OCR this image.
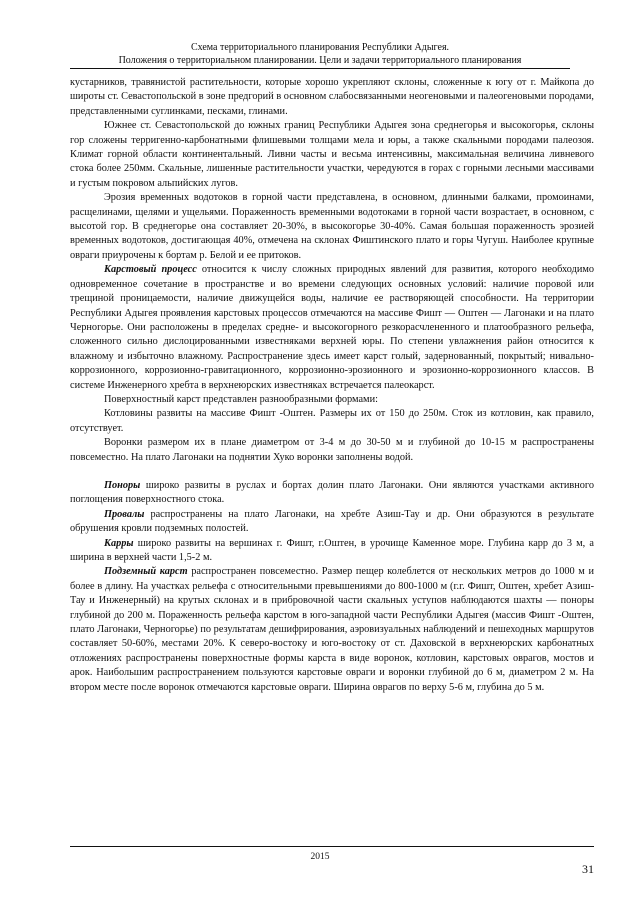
Схема территориального планирования Республики Адыгея.

Положения о территориальном планировании. Цели и задачи территориального планирования

кустарников, травянистой растительности, которые хорошо укрепляют склоны, сложенные к югу от г. Майкопа до широты ст. Севастопольской в зоне предгорий в основном слабосвязанными неогеновыми и палеогеновыми породами, представленными суглинками, песками, глинами.

Южнее ст. Севастопольской до южных границ Республики Адыгея зона среднегорья и высокогорья, склоны гор сложены терригенно-карбонатными флишевыми толщами мела и юры, а также скальными породами палеозоя. Климат горной области континентальный. Ливни часты и весьма интенсивны, максимальная величина ливневого стока более 250мм. Скальные, лишенные растительности участки, чередуются в горах с горными лесными массивами и густым покровом альпийских лугов.

Эрозия временных водотоков в горной части представлена, в основном, длинными балками, промоинами, расщелинами, щелями и ущельями. Пораженность временными водотоками в горной части возрастает, в основном, с высотой гор. В среднегорье она составляет 20-30%, в высокогорье 30-40%. Самая большая пораженность эрозией временных водотоков, достигающая 40%, отмечена на склонах Фиштинского плато и горы Чугуш. Наиболее крупные овраги приурочены к бортам р. Белой и ее притоков.

Карстовый процесс относится к числу сложных природных явлений для развития, которого необходимо одновременное сочетание в пространстве и во времени следующих основных условий: наличие поровой или трещиной проницаемости, наличие движущейся воды, наличие ее растворяющей способности. На территории Республики Адыгея проявления карстовых процессов отмечаются на массиве Фишт — Оштен — Лагонаки и на плато Черногорье. Они расположены в пределах средне- и высокогорного резкорасчлененного и платообразного рельефа, сложенного сильно дислоцированными известняками верхней юры. По степени увлажнения район относится к влажному и избыточно влажному. Распространение здесь имеет карст голый, задернованный, покрытый; нивально-коррозионного, коррозионно-гравитационного, коррозионно-эрозионного и эрозионно-коррозионного классов. В системе Инженерного хребта в верхнеюрских известняках встречается палеокарст.

Поверхностный карст представлен разнообразными формами:

Котловины развиты на массиве Фишт -Оштен. Размеры их от 150 до 250м. Сток из котловин, как правило, отсутствует.

Воронки размером их в плане диаметром от 3-4 м до 30-50 м и глубиной до 10-15 м распространены повсеместно. На плато Лагонаки на поднятии Хуко воронки заполнены водой.

Поноры широко развиты в руслах и бортах долин плато Лагонаки. Они являются участками активного поглощения поверхностного стока.

Провалы распространены на плато Лагонаки, на хребте Азиш-Тау и др. Они образуются в результате обрушения кровли подземных полостей.

Карры широко развиты на вершинах г. Фишт, г.Оштен, в урочище Каменное море. Глубина карр до 3 м, а ширина в верхней части 1,5-2 м.

Подземный карст распространен повсеместно. Размер пещер колеблется от нескольких метров до 1000 м и более в длину. На участках рельефа с относительными превышениями до 800-1000 м (г.г. Фишт, Оштен, хребет Азиш-Тау и Инженерный) на крутых склонах и в прибровочной части скальных уступов наблюдаются шахты — поноры глубиной до 200 м. Пораженность рельефа карстом в юго-западной части Республики Адыгея (массив Фишт -Оштен, плато Лагонаки, Черногорье) по результатам дешифрирования, аэровизуальных наблюдений и пешеходных маршрутов составляет 50-60%, местами 20%. К северо-востоку и юго-востоку от ст. Даховской в верхнеюрских карбонатных отложениях распространены поверхностные формы карста в виде воронок, котловин, карстовых оврагов, мостов и арок. Наибольшим распространением пользуются карстовые овраги и воронки глубиной до 6 м, диаметром 2 м. На втором месте после воронок отмечаются карстовые овраги. Ширина оврагов по верху 5-6 м, глубина до 5 м.

2015
31
